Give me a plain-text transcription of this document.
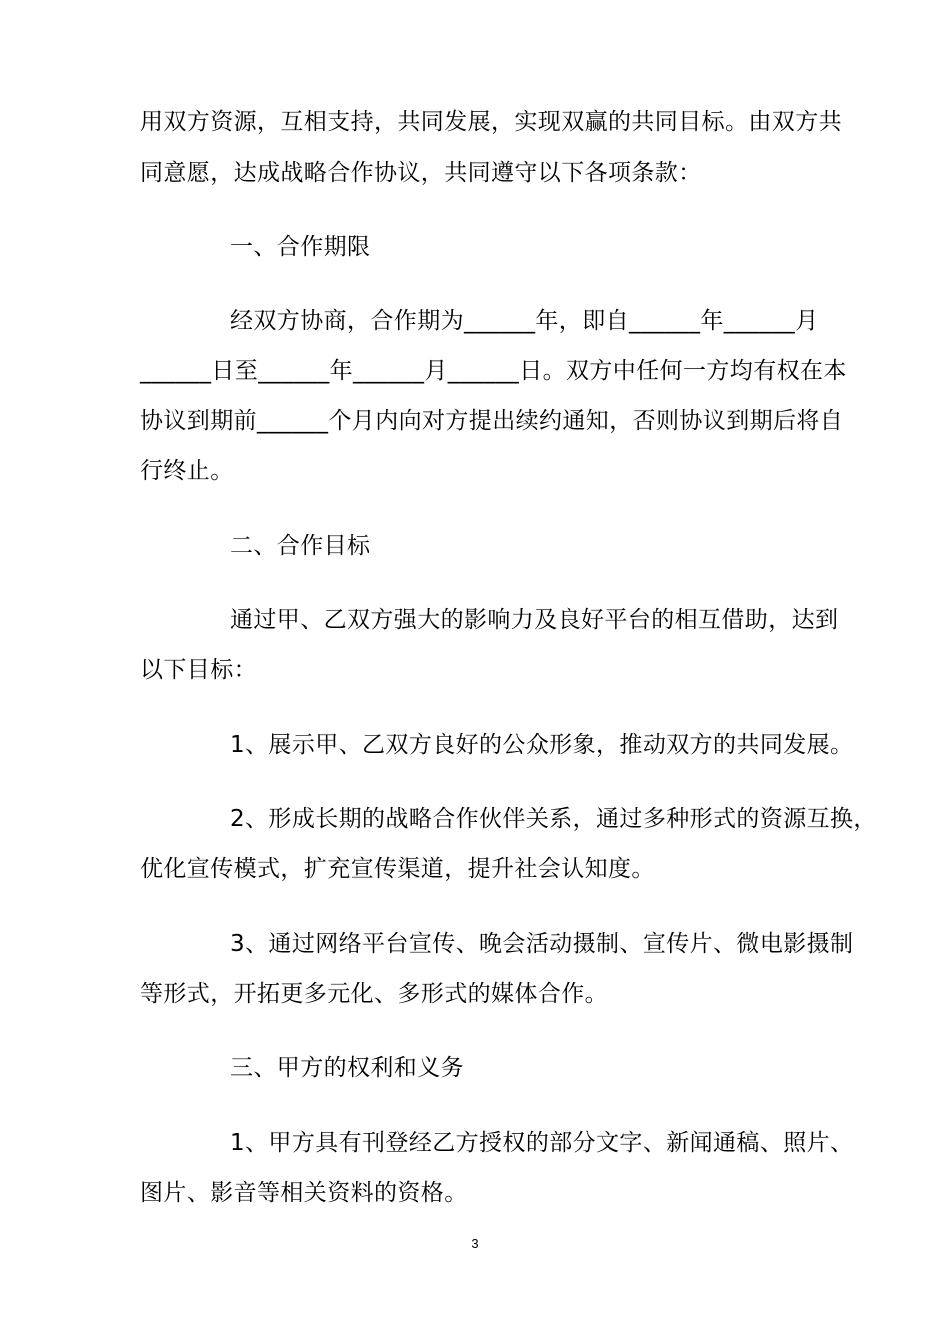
用双方资源，互相支持，共同发展，实现双赢的共同目标。由双方共
同意愿，达成战略合作协议，共同遵守以下各项条款：
一、合作期限
经双方协商，合作期为______年，即自______年______月
______日至______年______月______日。双方中任何一方均有权在本
协议到期前______个月内向对方提出续约通知，否则协议到期后将自
行终止。
二、合作目标
通过甲、乙双方强大的影响力及良好平台的相互借助，达到
以下目标：
1、展示甲、乙双方良好的公众形象，推动双方的共同发展。
2、形成长期的战略合作伙伴关系，通过多种形式的资源互换，
优化宣传模式，扩充宣传渠道，提升社会认知度。
3、通过网络平台宣传、晚会活动摄制、宣传片、微电影摄制
等形式，开拓更多元化、多形式的媒体合作。
三、甲方的权利和义务
1、甲方具有刊登经乙方授权的部分文字、新闻通稿、照片、
图片、影音等相关资料的资格。
3
